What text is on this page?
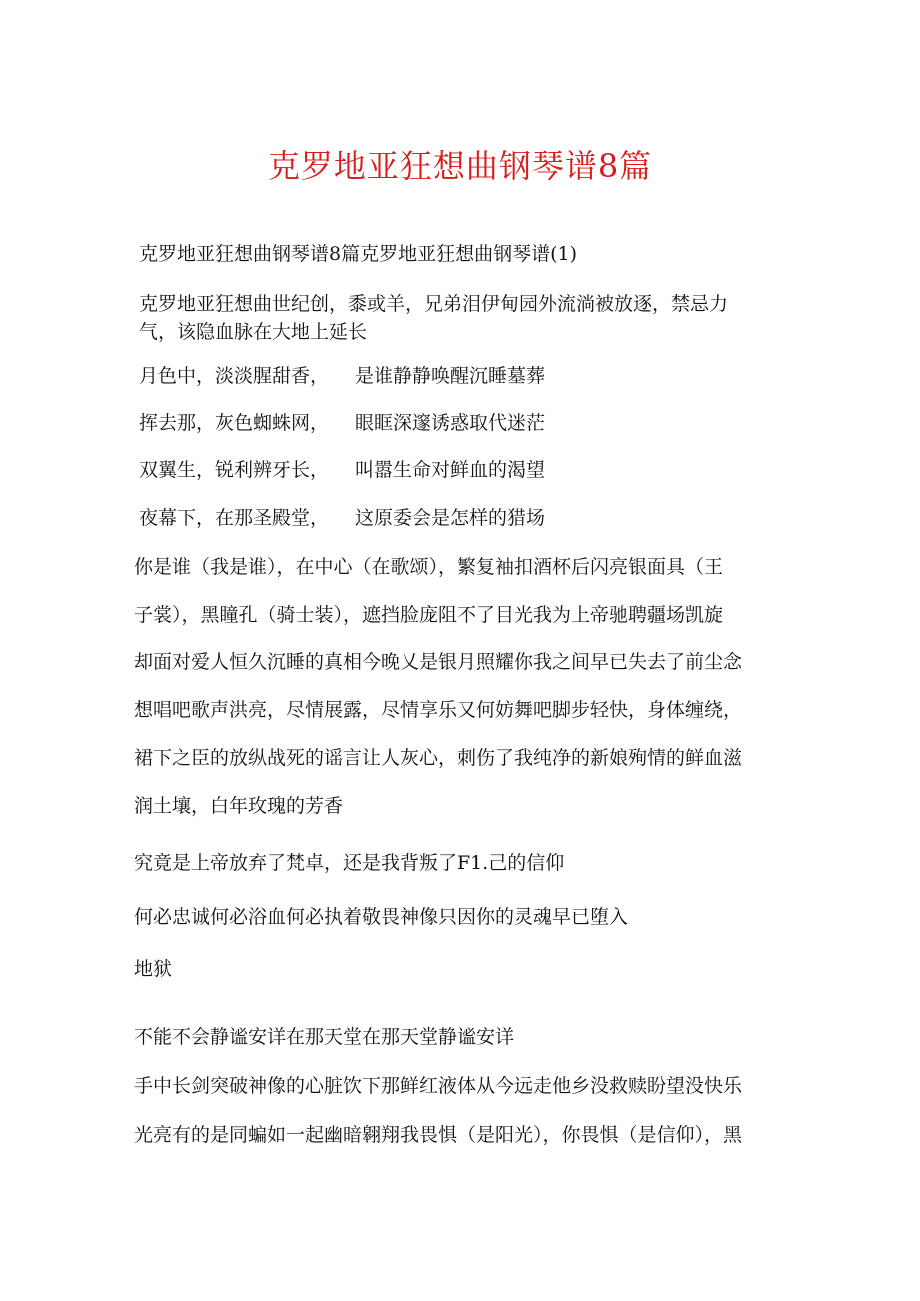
克罗地亚狂想曲钢琴谱8篇
克罗地亚狂想曲钢琴谱8篇克罗地亚狂想曲钢琴谱(1)
克罗地亚狂想曲世纪创，黍或羊，兄弟泪伊甸园外流淌被放逐，禁忌力
气，该隐血脉在大地上延长
月色中，淡淡腥甜香， 是谁静静唤醒沉睡墓葬
挥去那，灰色蜘蛛网， 眼眶深邃诱惑取代迷茫
双翼生，锐利辨牙长， 叫嚣生命对鲜血的渴望
夜幕下，在那圣殿堂， 这原委会是怎样的猎场
你是谁（我是谁），在中心（在歌颂），繁复袖扣酒杯后闪亮银面具（王
子裳），黑瞳孔（骑士装），遮挡脸庞阻不了目光我为上帝驰聘疆场凯旋
却面对爱人恒久沉睡的真相今晚乂是银月照耀你我之间早已失去了前尘念
想唱吧歌声洪亮，尽情展露，尽情享乐又何妨舞吧脚步轻快，身体缠绕，
裙下之臣的放纵战死的谣言让人灰心，刺伤了我纯净的新娘殉情的鲜血滋
润土壤，白年玫瑰的芳香
究竟是上帝放弃了梵卓，还是我背叛了F1.己的信仰
何必忠诚何必浴血何必执着敬畏神像只因你的灵魂早已堕入
地狱
不能不会静谧安详在那天堂在那天堂静谧安详
手中长剑突破神像的心脏饮下那鲜红液体从今远走他乡没救赎盼望没快乐
光亮有的是同蝙如一起幽暗翱翔我畏惧（是阳光），你畏惧（是信仰），黑
